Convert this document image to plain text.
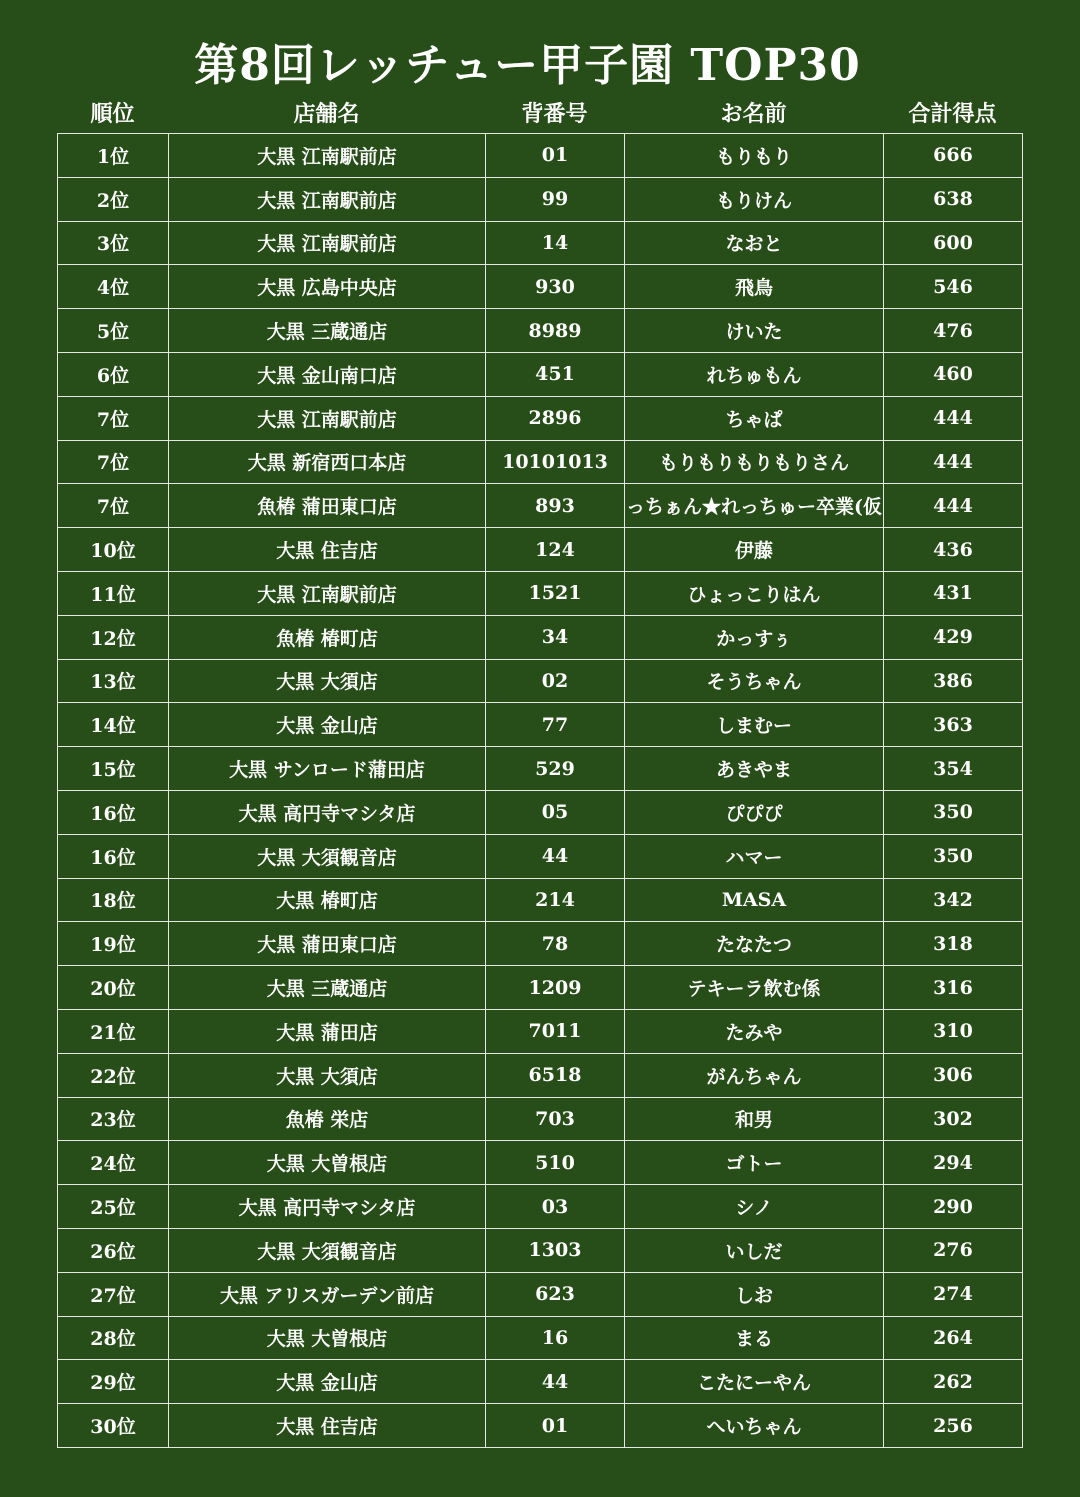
第8回レッチュー甲子園 TOP30
順位	店舗名	背番号	お名前	合計得点
1位	大黒 江南駅前店	01	もりもり	666
2位	大黒 江南駅前店	99	もりけん	638
3位	大黒 江南駅前店	14	なおと	600
4位	大黒 広島中央店	930	飛鳥	546
5位	大黒 三蔵通店	8989	けいた	476
6位	大黒 金山南口店	451	れちゅもん	460
7位	大黒 江南駅前店	2896	ちゃぱ	444
7位	大黒 新宿西口本店	10101013	もりもりもりもりさん	444
7位	魚椿 蒲田東口店	893	っちぁん★れっちゅー卒業(仮	444
10位	大黒 住吉店	124	伊藤	436
11位	大黒 江南駅前店	1521	ひょっこりはん	431
12位	魚椿 椿町店	34	かっすぅ	429
13位	大黒 大須店	02	そうちゃん	386
14位	大黒 金山店	77	しまむー	363
15位	大黒 サンロード蒲田店	529	あきやま	354
16位	大黒 高円寺マシタ店	05	ぴぴぴ	350
16位	大黒 大須観音店	44	ハマー	350
18位	大黒 椿町店	214	MASA	342
19位	大黒 蒲田東口店	78	たなたつ	318
20位	大黒 三蔵通店	1209	テキーラ飲む係	316
21位	大黒 蒲田店	7011	たみや	310
22位	大黒 大須店	6518	がんちゃん	306
23位	魚椿 栄店	703	和男	302
24位	大黒 大曽根店	510	ゴトー	294
25位	大黒 高円寺マシタ店	03	シノ	290
26位	大黒 大須観音店	1303	いしだ	276
27位	大黒 アリスガーデン前店	623	しお	274
28位	大黒 大曽根店	16	まる	264
29位	大黒 金山店	44	こたにーやん	262
30位	大黒 住吉店	01	へいちゃん	256
